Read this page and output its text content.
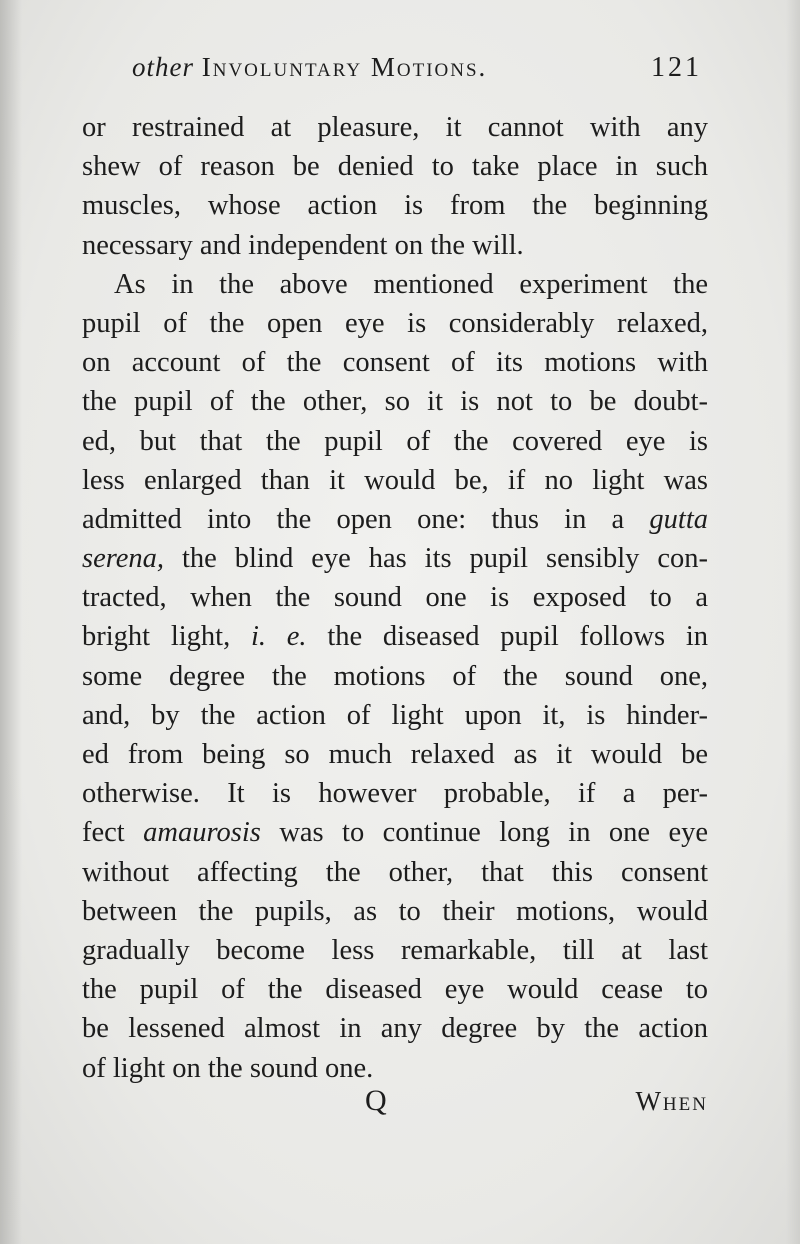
other Involuntary Motions.	121
or restrained at pleasure, it cannot with any
shew of reason be denied to take place in such
muscles, whose action is from the beginning
necessary and independent on the will.
As in the above mentioned experiment the
pupil of the open eye is considerably relaxed,
on account of the consent of its motions with
the pupil of the other, so it is not to be doubt-
ed, but that the pupil of the covered eye is
less enlarged than it would be, if no light was
admitted into the open one: thus in a gutta
serena, the blind eye has its pupil sensibly con-
tracted, when the sound one is exposed to a
bright light, i. e. the diseased pupil follows in
some degree the motions of the sound one,
and, by the action of light upon it, is hinder-
ed from being so much relaxed as it would be
otherwise. It is however probable, if a per-
fect amaurosis was to continue long in one eye
without affecting the other, that this consent
between the pupils, as to their motions, would
gradually become less remarkable, till at last
the pupil of the diseased eye would cease to
be lessened almost in any degree by the action
of light on the sound one.
Q	When
